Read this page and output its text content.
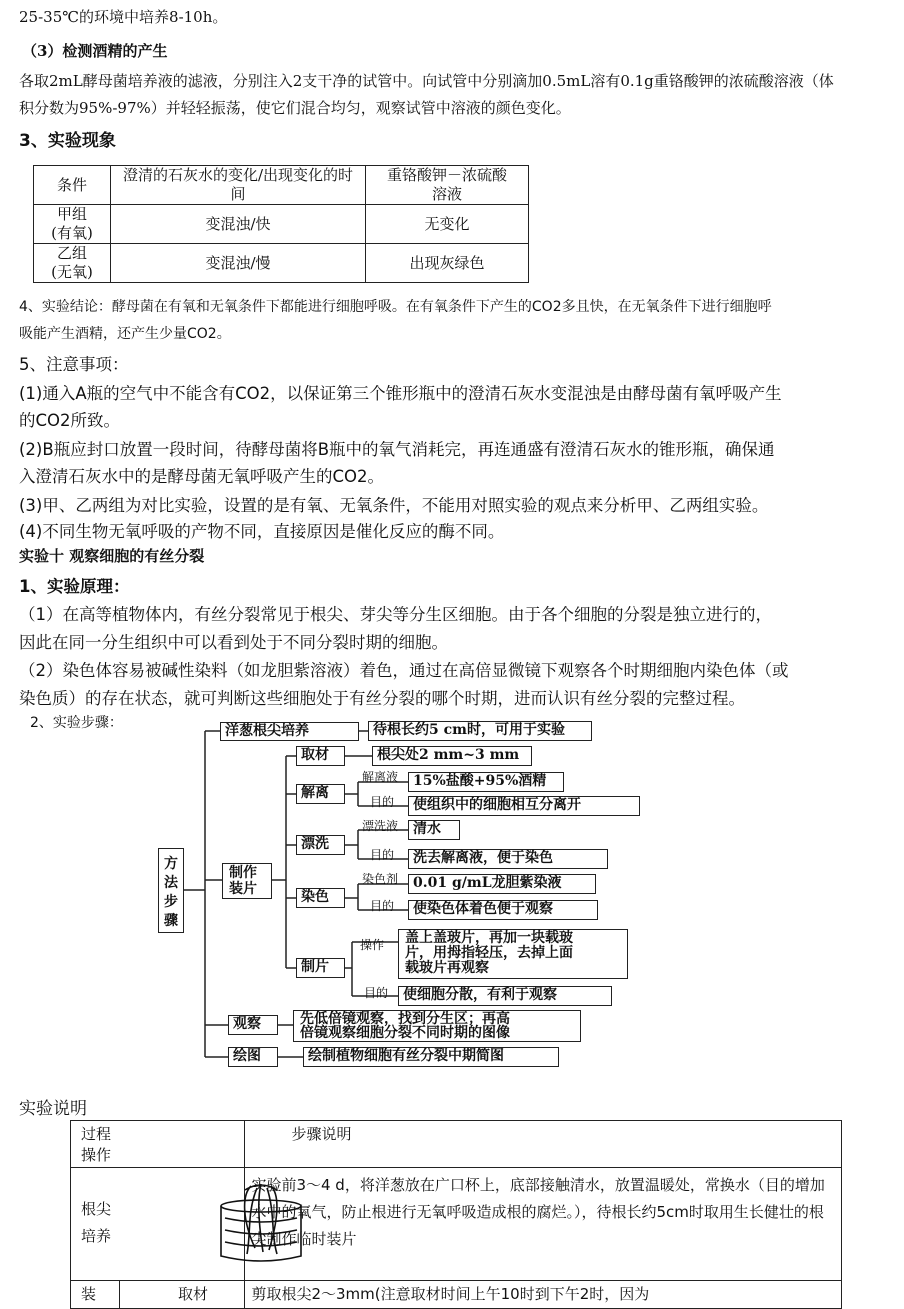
25-35℃的环境中培养8-10h。
（3）检测酒精的产生
各取2mL酵母菌培养液的滤液，分别注入2支干净的试管中。向试管中分别滴加0.5mL溶有0.1g重铬酸钾的浓硫酸溶液（体
积分数为95%-97%）并轻轻振荡，使它们混合均匀，观察试管中溶液的颜色变化。
3、实验现象
条件	澄清的石灰水的变化/出现变化的时间	重铬酸钾－浓硫酸溶液
甲组
(有氧)	变混浊/快	无变化
乙组
(无氧)	变混浊/慢	出现灰绿色
4、实验结论：酵母菌在有氧和无氧条件下都能进行细胞呼吸。在有氧条件下产生的CO2多且快，在无氧条件下进行细胞呼
吸能产生酒精，还产生少量CO2。
5、注意事项：
(1)通入A瓶的空气中不能含有CO2，以保证第三个锥形瓶中的澄清石灰水变混浊是由酵母菌有氧呼吸产生
的CO2所致。
(2)B瓶应封口放置一段时间，待酵母菌将B瓶中的氧气消耗完，再连通盛有澄清石灰水的锥形瓶，确保通
入澄清石灰水中的是酵母菌无氧呼吸产生的CO2。
(3)甲、乙两组为对比实验，设置的是有氧、无氧条件，不能用对照实验的观点来分析甲、乙两组实验。
(4)不同生物无氧呼吸的产物不同，直接原因是催化反应的酶不同。
实验十 观察细胞的有丝分裂
1、实验原理：
（1）在高等植物体内，有丝分裂常见于根尖、芽尖等分生区细胞。由于各个细胞的分裂是独立进行的，
因此在同一分生组织中可以看到处于不同分裂时期的细胞。
（2）染色体容易被碱性染料（如龙胆紫溶液）着色，通过在高倍显微镜下观察各个时期细胞内染色体（或
染色质）的存在状态，就可判断这些细胞处于有丝分裂的哪个时期，进而认识有丝分裂的完整过程。
2、实验步骤：
方法步骤
洋葱根尖培养	待根长约5 cm时，可用于实验
制作装片
取材	根尖处2 mm~3 mm
解离
解离液	15%盐酸+95%酒精
目的	使组织中的细胞相互分离开
漂洗
漂洗液	清水
目的	洗去解离液，便于染色
染色
染色剂	0.01 g/mL龙胆紫染液
目的	使染色体着色便于观察
制片
操作 盖上盖玻片，再加一块载玻
片，用拇指轻压，去掉上面
载玻片再观察
目的	使细胞分散，有利于观察
观察	先低倍镜观察，找到分生区；再高
倍镜观察细胞分裂不同时期的图像
绘图	绘制植物细胞有丝分裂中期简图
实验说明
过程  操作		步骤说明

根尖
培养		实验前3～4 d，将洋葱放在广口杯上，底部接触清水，放置温暖处，常换水（目的增加水中的氧气，防止根进行无氧呼吸造成根的腐烂。），待根长约5cm时取用生长健壮的根尖制作临时装片
装	取材	剪取根尖2～3mm(注意取材时间上午10时到下午2时，因为
